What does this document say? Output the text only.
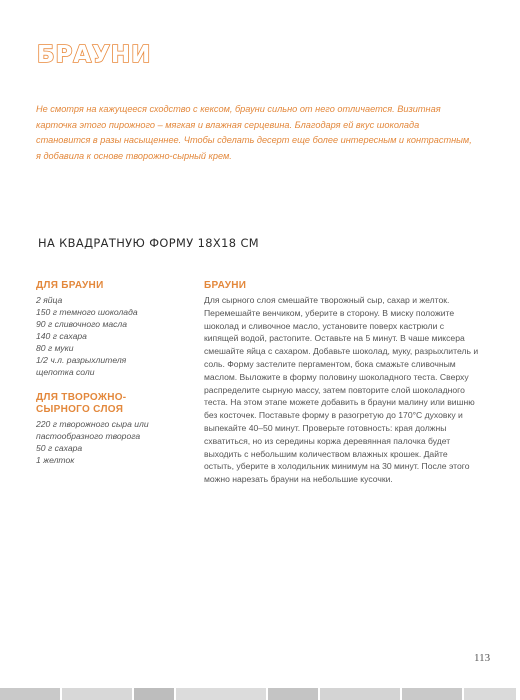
БРАУНИ

Не смотря на кажущееся сходство с кексом, брауни сильно от него отличается. Визитная карточка этого пирожного – мягкая и влажная серцевина. Благодаря ей вкус шоколада становится в разы насыщеннее. Чтобы сделать десерт еще более интересным и контрастным, я добавила к основе творожно-сырный крем.

НА КВАДРАТНУЮ ФОРМУ 18Х18 СМ
ДЛЯ БРАУНИ
2 яйца
150 г темного шоколада
90 г сливочного масла
140 г сахара
80 г муки
1/2 ч.л. разрыхлителя
щепотка соли
ДЛЯ ТВОРОЖНО-СЫРНОГО СЛОЯ
220 г творожного сыра или пастообразного творога
50 г сахара
1 желток
БРАУНИ

Для сырного слоя смешайте творожный сыр, сахар и желток. Перемешайте венчиком, уберите в сторону. В миску положите шоколад и сливочное масло, установите поверх кастрюли с кипящей водой, растопите. Оставьте на 5 минут. В чаше миксера смешайте яйца с сахаром. Добавьте шоколад, муку, разрыхлитель и соль. Форму застелите пергаментом, бока смажьте сливочным маслом. Выложите в форму половину шоколадного теста. Сверху распределите сырную массу, затем повторите слой шоколадного теста. На этом этапе можете добавить в брауни малину или вишню без косточек. Поставьте форму в разогретую до 170°С духовку и выпекайте 40–50 минут. Проверьте готовность: края должны схватиться, но из середины коржа деревянная палочка будет выходить с небольшим количеством влажных крошек. Дайте остыть, уберите в холодильник минимум на 30 минут. После этого можно нарезать брауни на небольшие кусочки.

113
